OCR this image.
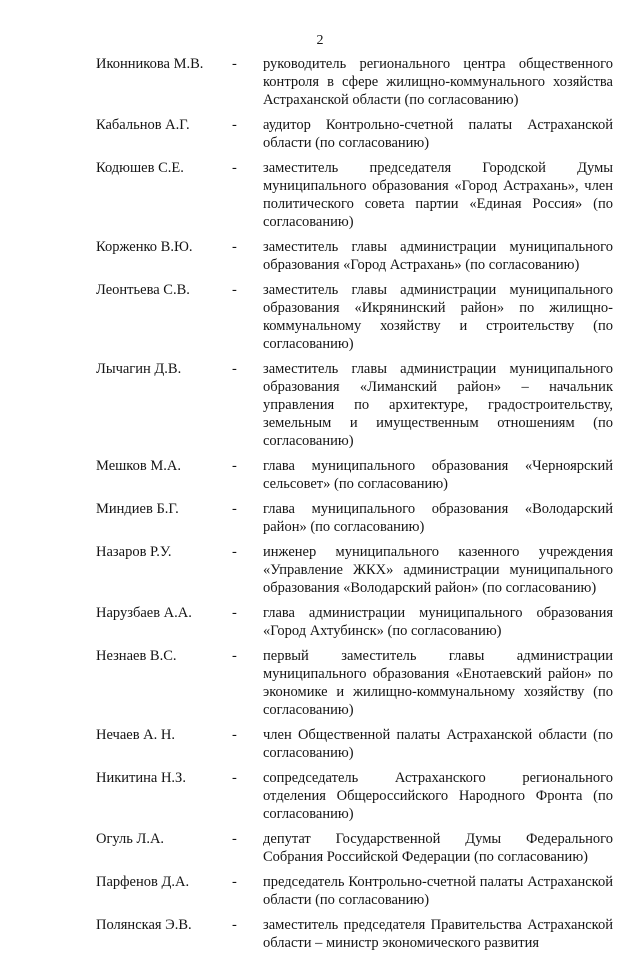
2
Иконникова М.В. - руководитель регионального центра общественного контроля в сфере жилищно-коммунального хозяйства Астраханской области (по согласованию)
Кабальнов А.Г.	- аудитор Контрольно-счетной палаты Астраханской области (по согласованию)
Кодюшев С.Е.	- заместитель председателя Городской Думы муниципального образования «Город Астрахань», член политического совета партии «Единая Россия» (по согласованию)
Корженко В.Ю.	- заместитель главы администрации муниципального образования «Город Астрахань» (по согласованию)
Леонтьева С.В.	- заместитель главы администрации муниципального образования «Икрянинский район» по жилищно-коммунальному хозяйству и строительству (по согласованию)
Лычагин Д.В.	- заместитель главы администрации муниципального образования «Лиманский район» – начальник управления по архитектуре, градостроительству, земельным и имущественным отношениям (по согласованию)
Мешков М.А.	- глава муниципального образования «Черноярский сельсовет» (по согласованию)
Миндиев Б.Г.	- глава муниципального образования «Володарский район» (по согласованию)
Назаров Р.У.	- инженер муниципального казенного учреждения «Управление ЖКХ» администрации муниципального образования «Володарский район» (по согласованию)
Нарузбаев А.А.	- глава администрации муниципального образования «Город Ахтубинск» (по согласованию)
Незнаев В.С.	- первый заместитель главы администрации муниципального образования «Енотаевский район» по экономике и жилищно-коммунальному хозяйству (по согласованию)
Нечаев А. Н.	- член Общественной палаты Астраханской области (по согласованию)
Никитина Н.З.	- сопредседатель Астраханского регионального отделения Общероссийского Народного Фронта (по согласованию)
Огуль Л.А.	- депутат Государственной Думы Федерального Собрания Российской Федерации (по согласованию)
Парфенов Д.А.	- председатель Контрольно-счетной палаты Астраханской области (по согласованию)
Полянская Э.В.	- заместитель председателя Правительства Астраханской области – министр экономического развития
